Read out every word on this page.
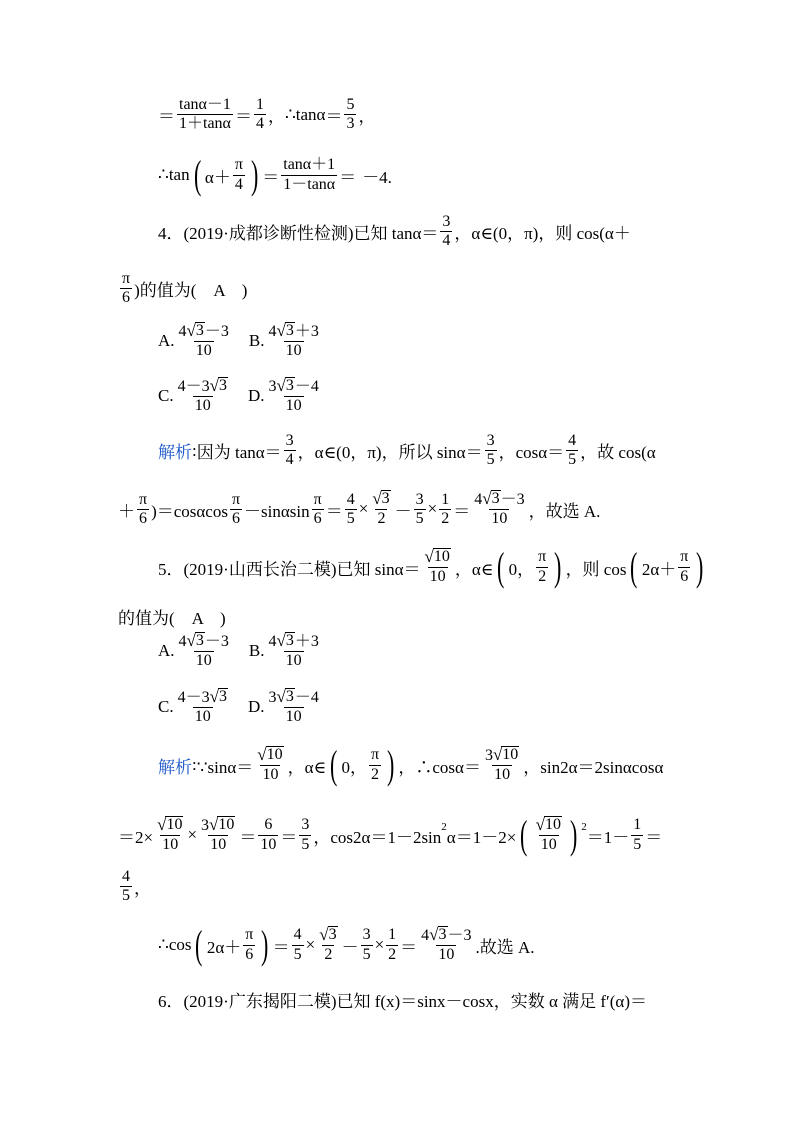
＝ $\frac{\tan\alpha-1}{1+\tan\alpha} = \frac{1}{4}$ ， ∴ $\tan\alpha = \frac{5}{3}$ ，
∴tan ( $\alpha+ \frac{\pi}{4}$ ) ＝ $\frac{\tan\alpha+1}{1-\tan\alpha} = -4$.
4． (2019·成都诊断性检测) 已知 $\tan\alpha= \frac{3}{4}$ ，α∈(0，π)，则 cos(α＋
$\frac{\pi}{6}$ )的值为(　A　)
A. $\frac{4 √ 3 -3}{10} B$. $\frac{4 √ 3 +3}{10}$
C. $\frac{4-3 √ 3}{10} D$. $\frac{3 √ 3 -4}{10}$
解析 : 因为 $\tan\alpha= \frac{3}{4}$ ，α∈(0，π)，所以 $\sin\alpha= \frac{3}{5}$ ，$\cos\alpha= \frac{4}{5}$ ，故 cos(α
＋ $\frac{\pi}{6} )=\cos\alpha\cos \frac{\pi}{6} -\sin\alpha\sin \frac{\pi}{6} = \frac{4}{5} \times \frac{√ 3}{2} - \frac{3}{5} \times \frac{1}{2} = \frac{4 √ 3 -3}{10}$ ，故选 A.
5． (2019·山西长治二模) 已知 $\sin\alpha= \frac{√ 10}{10}$ ，α∈ ( 0， $\frac{\pi}{2}$ ) ，则 cos ( $2\alpha+ \frac{\pi}{6}$ )
的值为(　A　)
A. $\frac{4 √ 3 -3}{10} B$. $\frac{4 √ 3 +3}{10}$
C. $\frac{4-3 √ 3}{10} D$. $\frac{3 √ 3 -4}{10}$
解析 : ∵sinα＝ $\frac{√ 10}{10}$ ，α∈ ( 0， $\frac{\pi}{2}$ ) ，∴cosα＝ $\frac{3 √ 10}{10}$ ，sin2α＝2sinαcosα
$=2\times \frac{√ 10}{10} \times \frac{3 √ 10}{10} = \frac{6}{10} = \frac{3}{5}$ ，cos2α＝1－2sin
2
α＝1－2× ( $\frac{√ 10}{10}$ ) 2
$=1- \frac{1}{5}$ ＝
$\frac{4}{5}$ ，
∴cos ( $2\alpha+ \frac{\pi}{6}$ ) ＝ $\frac{4}{5} \times \frac{√ 3}{2} - \frac{3}{5} \times \frac{1}{2} = \frac{4 √ 3 -3}{10}$ .故选 A.
6． (2019·广东揭阳二模) 已知 f(x)＝sinx－cosx，实数 α 满足 f′(α)＝
